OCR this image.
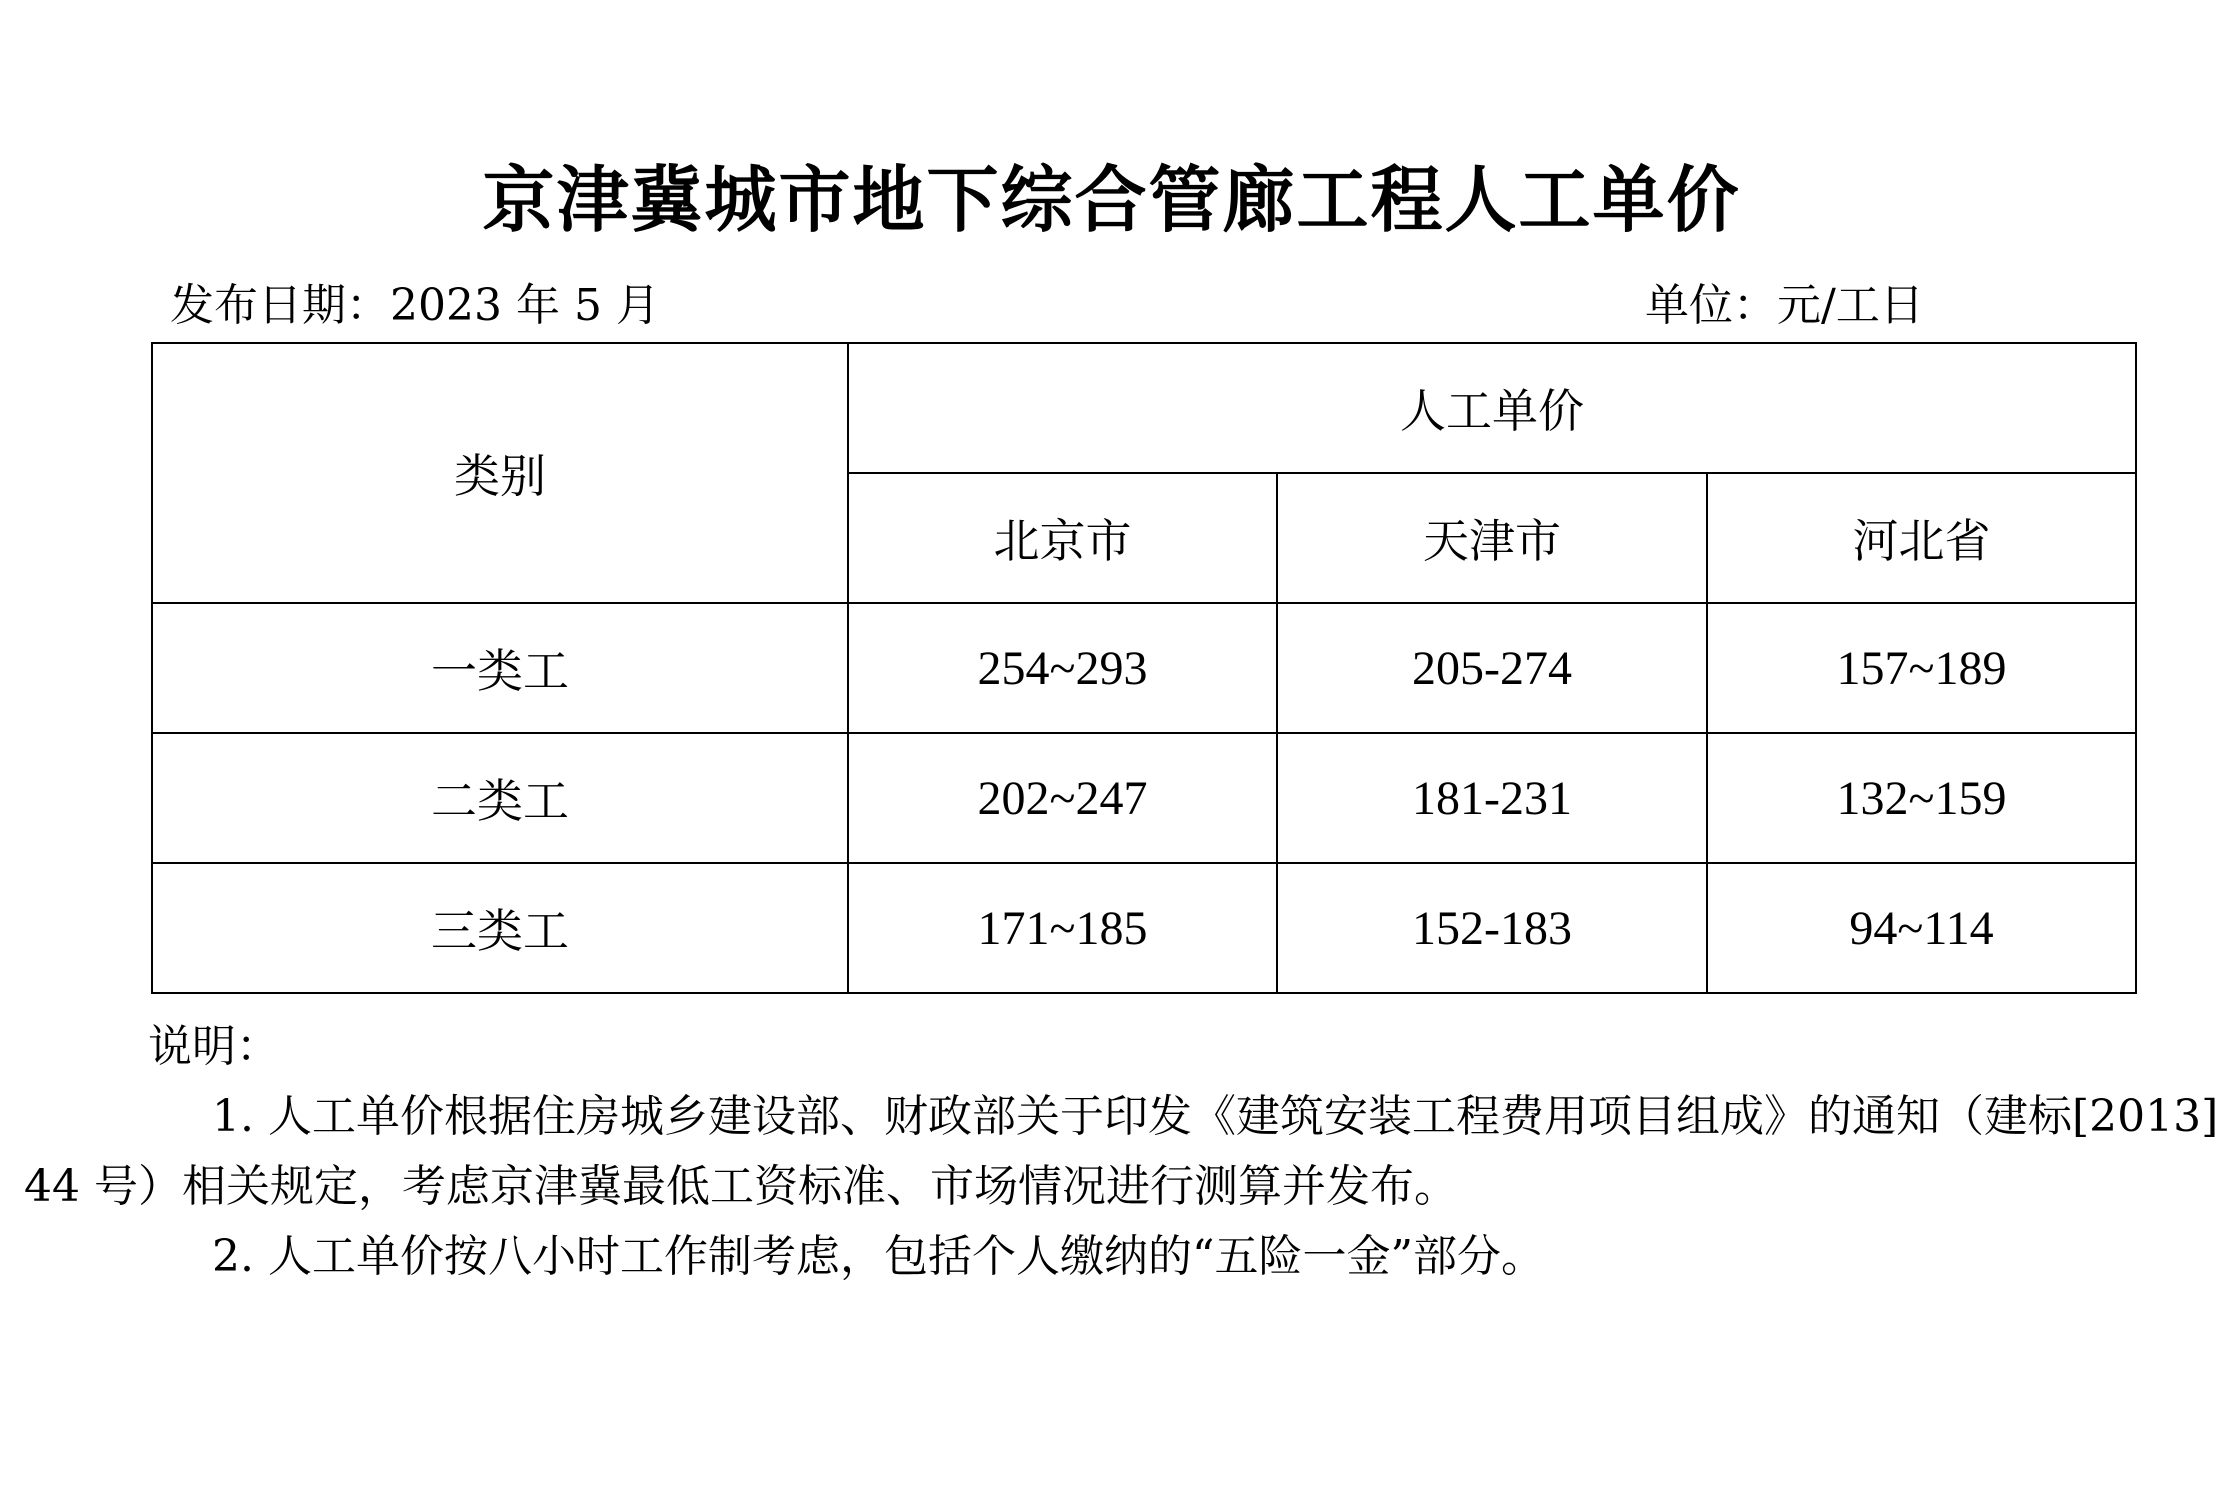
京津冀城市地下综合管廊工程人工单价
发布日期：2023 年 5 月	单位：元/工日
类别	人工单价		
	北京市	天津市	河北省
一类工	254~293	205-274	157~189
二类工	202~247	181-231	132~159
三类工	171~185	152-183	94~114
说明：
1. 人工单价根据住房城乡建设部、财政部关于印发《建筑安装工程费用项目组成》的通知（建标[2013]44 号）相关规定，考虑京津冀最低工资标准、市场情况进行测算并发布。
2. 人工单价按八小时工作制考虑，包括个人缴纳的“五险一金”部分。
